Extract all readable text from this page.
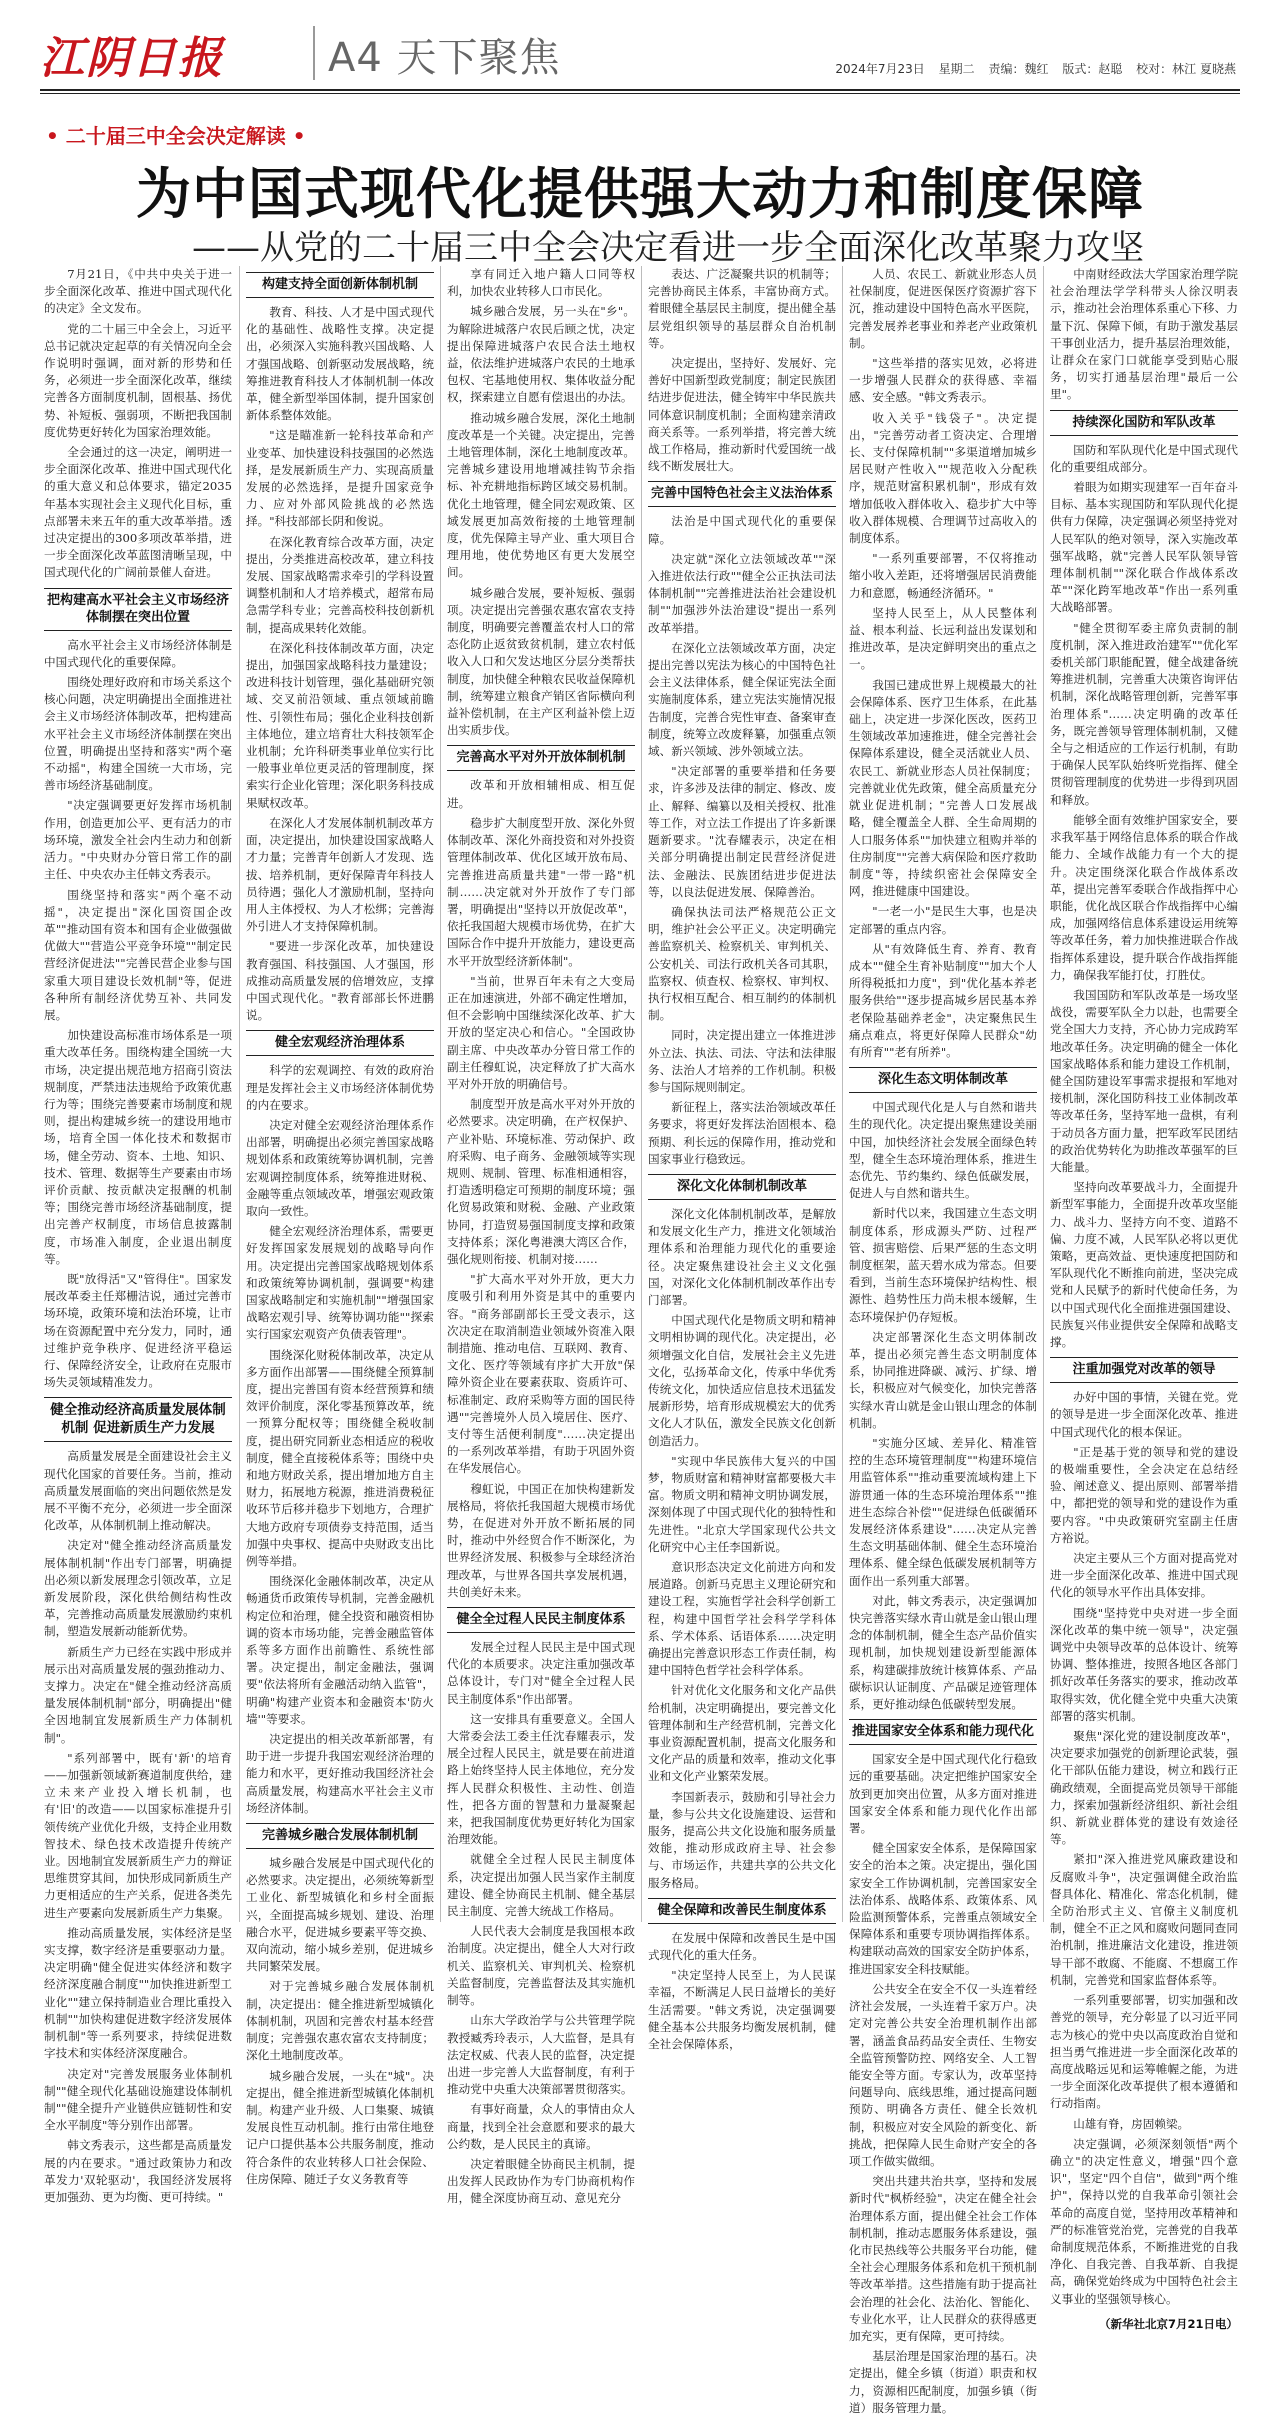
江阴日报	A4 天下聚焦	2024年7月23日 星期二 责编：魏红 版式：赵聪 校对：林江 夏晓燕
• 二十届三中全会决定解读 •
为中国式现代化提供强大动力和制度保障
——从党的二十届三中全会决定看进一步全面深化改革聚力攻坚

7月21日，《中共中央关于进一步全面深化改革、推进中国式现代化的决定》全文发布。

党的二十届三中全会上，习近平总书记就决定起草的有关情况向全会作说明时强调，面对新的形势和任务，必须进一步全面深化改革，继续完善各方面制度机制，固根基、扬优势、补短板、强弱项，不断把我国制度优势更好转化为国家治理效能。

全会通过的这一决定，阐明进一步全面深化改革、推进中国式现代化的重大意义和总体要求，锚定2035年基本实现社会主义现代化目标，重点部署未来五年的重大改革举措。透过决定提出的300多项改革举措，进一步全面深化改革蓝图清晰呈现，中国式现代化的广阔前景催人奋进。

把构建高水平社会主义市场经济体制摆在突出位置

高水平社会主义市场经济体制是中国式现代化的重要保障。

围绕处理好政府和市场关系这个核心问题，决定明确提出全面推进社会主义市场经济体制改革，把构建高水平社会主义市场经济体制摆在突出位置，明确提出坚持和落实"两个毫不动摇"，构建全国统一大市场，完善市场经济基础制度。

"决定强调要更好发挥市场机制作用，创造更加公平、更有活力的市场环境，激发全社会内生动力和创新活力。"中央财办分管日常工作的副主任、中央农办主任韩文秀表示。

围绕坚持和落实"两个毫不动摇"，决定提出"深化国资国企改革""推动国有资本和国有企业做强做优做大""营造公平竞争环境""制定民营经济促进法""完善民营企业参与国家重大项目建设长效机制"等，促进各种所有制经济优势互补、共同发展。

加快建设高标准市场体系是一项重大改革任务。围绕构建全国统一大市场，决定提出规范地方招商引资法规制度，严禁违法违规给予政策优惠行为等；围绕完善要素市场制度和规则，提出构建城乡统一的建设用地市场，培育全国一体化技术和数据市场，健全劳动、资本、土地、知识、技术、管理、数据等生产要素由市场评价贡献、按贡献决定报酬的机制等；围绕完善市场经济基础制度，提出完善产权制度，市场信息披露制度，市场准入制度，企业退出制度等。

既"放得活"又"管得住"。国家发展改革委主任郑栅洁说，通过完善市场环境，政策环境和法治环境，让市场在资源配置中充分发力，同时，通过维护竞争秩序、促进经济平稳运行、保障经济安全，让政府在克服市场失灵领域精准发力。

健全推动经济高质量发展体制机制 促进新质生产力发展

高质量发展是全面建设社会主义现代化国家的首要任务。当前，推动高质量发展面临的突出问题依然是发展不平衡不充分，必须进一步全面深化改革，从体制机制上推动解决。

决定对"健全推动经济高质量发展体制机制"作出专门部署，明确提出必须以新发展理念引领改革，立足新发展阶段，深化供给侧结构性改革，完善推动高质量发展激励约束机制，塑造发展新动能新优势。

新质生产力已经在实践中形成并展示出对高质量发展的强劲推动力、支撑力。决定在"健全推动经济高质量发展体制机制"部分，明确提出"健全因地制宜发展新质生产力体制机制"。

"系列部署中，既有'新'的培育——加强新领域新赛道制度供给，建立未来产业投入增长机制，也有'旧'的改造——以国家标准提升引领传统产业优化升级，支持企业用数智技术、绿色技术改造提升传统产业。因地制宜发展新质生产力的辩证思维贯穿其间，加快形成同新质生产力更相适应的生产关系，促进各类先进生产要素向发展新质生产力集聚。

推动高质量发展，实体经济是坚实支撑，数字经济是重要驱动力量。决定明确"健全促进实体经济和数字经济深度融合制度""加快推进新型工业化""建立保持制造业合理比重投入机制""加快构建促进数字经济发展体制机制"等一系列要求，持续促进数字技术和实体经济深度融合。

决定对"完善发展服务业体制机制""健全现代化基础设施建设体制机制""健全提升产业链供应链韧性和安全水平制度"等分别作出部署。

韩文秀表示，这些都是高质量发展的内在要求。"通过政策协力和改革发力'双轮驱动'，我国经济发展将更加强劲、更为均衡、更可持续。"

构建支持全面创新体制机制

教育、科技、人才是中国式现代化的基础性、战略性支撑。决定提出，必须深入实施科教兴国战略、人才强国战略、创新驱动发展战略，统筹推进教育科技人才体制机制一体改革，健全新型举国体制，提升国家创新体系整体效能。

"这是瞄准新一轮科技革命和产业变革、加快建设科技强国的必然选择，是发展新质生产力、实现高质量发展的必然选择，是提升国家竞争力、应对外部风险挑战的必然选择。"科技部部长阴和俊说。

在深化教育综合改革方面，决定提出，分类推进高校改革，建立科技发展、国家战略需求牵引的学科设置调整机制和人才培养模式，超常布局急需学科专业；完善高校科技创新机制，提高成果转化效能。

在深化科技体制改革方面，决定提出，加强国家战略科技力量建设；改进科技计划管理，强化基础研究领域、交叉前沿领域、重点领域前瞻性、引领性布局；强化企业科技创新主体地位，建立培育壮大科技领军企业机制；允许科研类事业单位实行比一般事业单位更灵活的管理制度，探索实行企业化管理；深化职务科技成果赋权改革。

在深化人才发展体制机制改革方面，决定提出，加快建设国家战略人才力量；完善青年创新人才发现、选拔、培养机制，更好保障青年科技人员待遇；强化人才激励机制，坚持向用人主体授权、为人才松绑；完善海外引进人才支持保障机制。

"要进一步深化改革，加快建设教育强国、科技强国、人才强国，形成推动高质量发展的倍增效应，支撑中国式现代化。"教育部部长怀进鹏说。

健全宏观经济治理体系

科学的宏观调控、有效的政府治理是发挥社会主义市场经济体制优势的内在要求。

决定对健全宏观经济治理体系作出部署，明确提出必须完善国家战略规划体系和政策统筹协调机制，完善宏观调控制度体系，统筹推进财税、金融等重点领域改革，增强宏观政策取向一致性。

健全宏观经济治理体系，需要更好发挥国家发展规划的战略导向作用。决定提出完善国家战略规划体系和政策统筹协调机制，强调要"构建国家战略制定和实施机制""增强国家战略宏观引导、统筹协调功能""探索实行国家宏观资产负债表管理"。

围绕深化财税体制改革，决定从多方面作出部署——围绕健全预算制度，提出完善国有资本经营预算和绩效评价制度，深化零基预算改革，统一预算分配权等；围绕健全税收制度，提出研究同新业态相适应的税收制度，健全直接税体系等；围绕中央和地方财政关系，提出增加地方自主财力，拓展地方税源，推进消费税征收环节后移并稳步下划地方，合理扩大地方政府专项债券支持范围，适当加强中央事权、提高中央财政支出比例等举措。

围绕深化金融体制改革，决定从畅通货币政策传导机制，完善金融机构定位和治理，健全投资和融资相协调的资本市场功能，完善金融监管体系等多方面作出前瞻性、系统性部署。决定提出，制定金融法，强调要"依法将所有金融活动纳入监管"，明确"构建产业资本和金融资本'防火墙'"等要求。

决定提出的相关改革新部署，有助于进一步提升我国宏观经济治理的能力和水平，更好推动我国经济社会高质量发展，构建高水平社会主义市场经济体制。

完善城乡融合发展体制机制

城乡融合发展是中国式现代化的必然要求。决定提出，必须统筹新型工业化、新型城镇化和乡村全面振兴，全面提高城乡规划、建设、治理融合水平，促进城乡要素平等交换、双向流动，缩小城乡差别，促进城乡共同繁荣发展。

对于完善城乡融合发展体制机制，决定提出：健全推进新型城镇化体制机制，巩固和完善农村基本经营制度；完善强农惠农富农支持制度；深化土地制度改革。

城乡融合发展，一头在"城"。决定提出，健全推进新型城镇化体制机制。构建产业升级、人口集聚、城镇发展良性互动机制。推行由常住地登记户口提供基本公共服务制度，推动符合条件的农业转移人口社会保险、住房保障、随迁子女义务教育等

享有同迁入地户籍人口同等权利，加快农业转移人口市民化。

城乡融合发展，另一头在"乡"。为解除进城落户农民后顾之忧，决定提出保障进城落户农民合法土地权益，依法维护进城落户农民的土地承包权、宅基地使用权、集体收益分配权，探索建立自愿有偿退出的办法。

推动城乡融合发展，深化土地制度改革是一个关键。决定提出，完善土地管理体制，深化土地制度改革。完善城乡建设用地增减挂钩节余指标、补充耕地指标跨区域交易机制。优化土地管理，健全同宏观政策、区域发展更加高效衔接的土地管理制度，优先保障主导产业、重大项目合理用地，使优势地区有更大发展空间。

城乡融合发展，要补短板、强弱项。决定提出完善强农惠农富农支持制度，明确要完善覆盖农村人口的常态化防止返贫致贫机制，建立农村低收入人口和欠发达地区分层分类帮扶制度，加快健全种粮农民收益保障机制，统筹建立粮食产销区省际横向利益补偿机制，在主产区利益补偿上迈出实质步伐。

完善高水平对外开放体制机制

改革和开放相辅相成、相互促进。

稳步扩大制度型开放、深化外贸体制改革、深化外商投资和对外投资管理体制改革、优化区域开放布局、完善推进高质量共建"一带一路"机制……决定就对外开放作了专门部署，明确提出"坚持以开放促改革"，依托我国超大规模市场优势，在扩大国际合作中提升开放能力，建设更高水平开放型经济新体制"。

"当前，世界百年未有之大变局正在加速演进，外部不确定性增加，但不会影响中国继续深化改革、扩大开放的坚定决心和信心。"全国政协副主席、中央改革办分管日常工作的副主任穆虹说，决定释放了扩大高水平对外开放的明确信号。

制度型开放是高水平对外开放的必然要求。决定明确，在产权保护、产业补贴、环境标准、劳动保护、政府采购、电子商务、金融领域等实现规则、规制、管理、标准相通相容，打造透明稳定可预期的制度环境；强化贸易政策和财税、金融、产业政策协同，打造贸易强国制度支撑和政策支持体系；深化粤港澳大湾区合作，强化规则衔接、机制对接……

"扩大高水平对外开放，更大力度吸引和利用外资是其中的重要内容。"商务部副部长王受文表示，这次决定在取消制造业领域外资准入限制措施、推动电信、互联网、教育、文化、医疗等领域有序扩大开放"保障外资企业在要素获取、资质许可、标准制定、政府采购等方面的国民待遇""完善境外人员入境居住、医疗、支付等生活便利制度"……决定提出的一系列改革举措，有助于巩固外资在华发展信心。

穆虹说，中国正在加快构建新发展格局，将依托我国超大规模市场优势，在促进对外开放不断拓展的同时，推动中外经贸合作不断深化，为世界经济发展、积极参与全球经济治理改革，与世界各国共享发展机遇，共创美好未来。

健全全过程人民民主制度体系

发展全过程人民民主是中国式现代化的本质要求。决定注重加强改革总体设计，专门对"健全全过程人民民主制度体系"作出部署。

这一安排具有重要意义。全国人大常委会法工委主任沈春耀表示，发展全过程人民民主，就是要在前进道路上始终坚持人民主体地位，充分发挥人民群众积极性、主动性、创造性，把各方面的智慧和力量凝聚起来，把我国制度优势更好转化为国家治理效能。

就健全全过程人民民主制度体系，决定提出加强人民当家作主制度建设、健全协商民主机制、健全基层民主制度、完善大统战工作格局。

人民代表大会制度是我国根本政治制度。决定提出，健全人大对行政机关、监察机关、审判机关、检察机关监督制度，完善监督法及其实施机制等。

山东大学政治学与公共管理学院教授臧秀玲表示，人大监督，是具有法定权威、代表人民的监督，决定提出进一步完善人大监督制度，有利于推动党中央重大决策部署贯彻落实。

有事好商量，众人的事情由众人商量，找到全社会意愿和要求的最大公约数，是人民民主的真谛。

决定着眼健全协商民主机制，提出发挥人民政协作为专门协商机构作用，健全深度协商互动、意见充分

表达、广泛凝聚共识的机制等；完善协商民主体系，丰富协商方式。着眼健全基层民主制度，提出健全基层党组织领导的基层群众自治机制等。

决定提出，坚持好、发展好、完善好中国新型政党制度；制定民族团结进步促进法，健全铸牢中华民族共同体意识制度机制；全面构建亲清政商关系等。一系列举措，将完善大统战工作格局，推动新时代爱国统一战线不断发展壮大。

完善中国特色社会主义法治体系

法治是中国式现代化的重要保障。

决定就"深化立法领域改革""深入推进依法行政""健全公正执法司法体制机制""完善推进法治社会建设机制""加强涉外法治建设"提出一系列改革举措。

在深化立法领域改革方面，决定提出完善以宪法为核心的中国特色社会主义法律体系，健全保证宪法全面实施制度体系，建立宪法实施情况报告制度，完善合宪性审查、备案审查制度，统筹立改废释纂，加强重点领域、新兴领域、涉外领域立法。

"决定部署的重要举措和任务要求，许多涉及法律的制定、修改、废止、解释、编纂以及相关授权、批准等工作，对立法工作提出了许多新课题新要求。"沈春耀表示，决定在相关部分明确提出制定民营经济促进法、金融法、民族团结进步促进法等，以良法促进发展、保障善治。

确保执法司法严格规范公正文明，维护社会公平正义。决定明确完善监察机关、检察机关、审判机关、公安机关、司法行政机关各司其职，监察权、侦查权、检察权、审判权、执行权相互配合、相互制约的体制机制。

同时，决定提出建立一体推进涉外立法、执法、司法、守法和法律服务、法治人才培养的工作机制。积极参与国际规则制定。

新征程上，落实法治领域改革任务要求，将更好发挥法治固根本、稳预期、利长远的保障作用，推动党和国家事业行稳致远。

深化文化体制机制改革

深化文化体制机制改革，是解放和发展文化生产力，推进文化领域治理体系和治理能力现代化的重要途径。决定聚焦建设社会主义文化强国，对深化文化体制机制改革作出专门部署。

中国式现代化是物质文明和精神文明相协调的现代化。决定提出，必须增强文化自信，发展社会主义先进文化，弘扬革命文化，传承中华优秀传统文化，加快适应信息技术迅猛发展新形势，培育形成规模宏大的优秀文化人才队伍，激发全民族文化创新创造活力。

"实现中华民族伟大复兴的中国梦，物质财富和精神财富都要极大丰富。物质文明和精神文明协调发展，深刻体现了中国式现代化的独特性和先进性。"北京大学国家现代公共文化研究中心主任李国新说。

意识形态决定文化前进方向和发展道路。创新马克思主义理论研究和建设工程，实施哲学社会科学创新工程，构建中国哲学社会科学学科体系、学术体系、话语体系……决定明确提出完善意识形态工作责任制，构建中国特色哲学社会科学体系。

针对优化文化服务和文化产品供给机制，决定明确提出，要完善文化管理体制和生产经营机制，完善文化事业资源配置机制，提高文化服务和文化产品的质量和效率，推动文化事业和文化产业繁荣发展。

李国新表示，鼓励和引导社会力量，参与公共文化设施建设、运营和服务，提高公共文化设施和服务质量效能，推动形成政府主导、社会参与、市场运作，共建共享的公共文化服务格局。

健全保障和改善民生制度体系

在发展中保障和改善民生是中国式现代化的重大任务。

"决定坚持人民至上，为人民谋幸福，不断满足人民日益增长的美好生活需要。"韩文秀说，决定强调要健全基本公共服务均衡发展机制，健全社会保障体系，

人员、农民工、新就业形态人员社保制度，促进医保医疗资源扩容下沉，推动建设中国特色高水平医院，完善发展养老事业和养老产业政策机制。

"这些举措的落实见效，必将进一步增强人民群众的获得感、幸福感、安全感。"韩文秀表示。

收入关乎"钱袋子"。决定提出，"完善劳动者工资决定、合理增长、支付保障机制""多渠道增加城乡居民财产性收入""规范收入分配秩序，规范财富积累机制"，形成有效增加低收入群体收入、稳步扩大中等收入群体规模、合理调节过高收入的制度体系。

"一系列重要部署，不仅将推动缩小收入差距，还将增强居民消费能力和意愿，畅通经济循环。"

坚持人民至上，从人民整体利益、根本利益、长远利益出发谋划和推进改革，是决定鲜明突出的重点之一。

我国已建成世界上规模最大的社会保障体系、医疗卫生体系，在此基础上，决定进一步深化医改，医药卫生领域改革加速推进，健全完善社会保障体系建设，健全灵活就业人员、农民工、新就业形态人员社保制度；完善就业优先政策，健全高质量充分就业促进机制；"完善人口发展战略，健全覆盖全人群、全生命周期的人口服务体系""加快建立租购并举的住房制度""完善大病保险和医疗救助制度"等，持续织密社会保障安全网，推进健康中国建设。

"一老一小"是民生大事，也是决定部署的重点内容。

从"有效降低生育、养育、教育成本""健全生育补贴制度""加大个人所得税抵扣力度"，到"优化基本养老服务供给""逐步提高城乡居民基本养老保险基础养老金"，决定聚焦民生痛点难点，将更好保障人民群众"幼有所育""老有所养"。

深化生态文明体制改革

中国式现代化是人与自然和谐共生的现代化。决定提出聚焦建设美丽中国，加快经济社会发展全面绿色转型，健全生态环境治理体系，推进生态优先、节约集约、绿色低碳发展，促进人与自然和谐共生。

新时代以来，我国建立生态文明制度体系，形成源头严防、过程严管、损害赔偿、后果严惩的生态文明制度框架，蓝天碧水成为常态。但要看到，当前生态环境保护结构性、根源性、趋势性压力尚未根本缓解，生态环境保护仍存短板。

决定部署深化生态文明体制改革，提出必须完善生态文明制度体系，协同推进降碳、减污、扩绿、增长，积极应对气候变化，加快完善落实绿水青山就是金山银山理念的体制机制。

"实施分区域、差异化、精准管控的生态环境管理制度""构建环境信用监管体系""推动重要流域构建上下游贯通一体的生态环境治理体系""推进生态综合补偿""促进绿色低碳循环发展经济体系建设"……决定从完善生态文明基础体制、健全生态环境治理体系、健全绿色低碳发展机制等方面作出一系列重大部署。

对此，韩文秀表示，决定强调加快完善落实绿水青山就是金山银山理念的体制机制，健全生态产品价值实现机制，加快规划建设新型能源体系，构建碳排放统计核算体系、产品碳标识认证制度、产品碳足迹管理体系，更好推动绿色低碳转型发展。

推进国家安全体系和能力现代化

国家安全是中国式现代化行稳致远的重要基础。决定把维护国家安全放到更加突出位置，从多方面对推进国家安全体系和能力现代化作出部署。

健全国家安全体系，是保障国家安全的治本之策。决定提出，强化国家安全工作协调机制，完善国家安全法治体系、战略体系、政策体系、风险监测预警体系，完善重点领域安全保障体系和重要专项协调指挥体系。构建联动高效的国家安全防护体系，推进国家安全科技赋能。

公共安全在安全不仅一头连着经济社会发展，一头连着千家万户。决定对完善公共安全治理机制作出部署，涵盖食品药品安全责任、生物安全监管预警防控、网络安全、人工智能安全等方面。专家认为，改革坚持问题导向、底线思维，通过提高问题预防、明确各方责任、健全长效机制，积极应对安全风险的新变化、新挑战，把保障人民生命财产安全的各项工作做实做细。

突出共建共治共享，坚持和发展新时代"枫桥经验"，决定在健全社会治理体系方面，提出健全社会工作体制机制，推动志愿服务体系建设，强化市民热线等公共服务平台功能，健全社会心理服务体系和危机干预机制等改革举措。这些措施有助于提高社会治理的社会化、法治化、智能化、专业化水平，让人民群众的获得感更加充实，更有保障，更可持续。

基层治理是国家治理的基石。决定提出，健全乡镇（街道）职责和权力，资源相匹配制度，加强乡镇（街道）服务管理力量。

中南财经政法大学国家治理学院社会治理法学学科带头人徐汉明表示，推动社会治理体系重心下移、力量下沉、保障下倾，有助于激发基层干事创业活力，提升基层治理效能，让群众在家门口就能享受到贴心服务，切实打通基层治理"最后一公里"。

持续深化国防和军队改革

国防和军队现代化是中国式现代化的重要组成部分。

着眼为如期实现建军一百年奋斗目标、基本实现国防和军队现代化提供有力保障，决定强调必须坚持党对人民军队的绝对领导，深入实施改革强军战略，就"完善人民军队领导管理体制机制""深化联合作战体系改革""深化跨军地改革"作出一系列重大战略部署。

"健全贯彻军委主席负责制的制度机制，深入推进政治建军""优化军委机关部门职能配置，健全战建备统筹推进机制，完善重大决策咨询评估机制，深化战略管理创新，完善军事治理体系"……决定明确的改革任务，既完善领导管理体制机制，又健全与之相适应的工作运行机制，有助于确保人民军队始终听党指挥、健全贯彻管理制度的优势进一步得到巩固和释放。

能够全面有效维护国家安全，要求我军基于网络信息体系的联合作战能力、全域作战能力有一个大的提升。决定围绕深化联合作战体系改革，提出完善军委联合作战指挥中心职能，优化战区联合作战指挥中心编成，加强网络信息体系建设运用统筹等改革任务，着力加快推进联合作战指挥体系建设，提升联合作战指挥能力，确保我军能打仗，打胜仗。

我国国防和军队改革是一场攻坚战役，需要军队全力以赴，也需要全党全国大力支持，齐心协力完成跨军地改革任务。决定明确的健全一体化国家战略体系和能力建设工作机制，健全国防建设军事需求提报和军地对接机制，深化国防科技工业体制改革等改革任务，坚持军地一盘棋，有利于动员各方面力量，把军政军民团结的政治优势转化为助推改革强军的巨大能量。

坚持向改革要战斗力，全面提升新型军事能力，全面提升改革攻坚能力、战斗力、坚持方向不变、道路不偏、力度不减，人民军队必将以更优策略，更高效益、更快速度把国防和军队现代化不断推向前进，坚决完成党和人民赋予的新时代使命任务，为以中国式现代化全面推进强国建设、民族复兴伟业提供安全保障和战略支撑。

注重加强党对改革的领导

办好中国的事情，关键在党。党的领导是进一步全面深化改革、推进中国式现代化的根本保证。

"正是基于党的领导和党的建设的极端重要性，全会决定在总结经验、阐述意义、提出原则、部署举措中，都把党的领导和党的建设作为重要内容。"中央政策研究室副主任唐方裕说。

决定主要从三个方面对提高党对进一步全面深化改革、推进中国式现代化的领导水平作出具体安排。

围绕"坚持党中央对进一步全面深化改革的集中统一领导"，决定强调党中央领导改革的总体设计、统筹协调、整体推进，按照各地区各部门抓好改革任务落实的要求，推动改革取得实效，优化健全党中央重大决策部署的落实机制。

聚焦"深化党的建设制度改革"，决定要求加强党的创新理论武装，强化干部队伍能力建设，树立和践行正确政绩观，全面提高党员领导干部能力，探索加强新经济组织、新社会组织、新就业群体党的建设有效途径等。

紧扣"深入推进党风廉政建设和反腐败斗争"，决定强调健全政治监督具体化、精准化、常态化机制，健全防治形式主义、官僚主义制度机制，健全不正之风和腐败问题同查同治机制，推进廉洁文化建设，推进领导干部不敢腐、不能腐、不想腐工作机制，完善党和国家监督体系等。

一系列重要部署，切实加强和改善党的领导，充分彰显了以习近平同志为核心的党中央以高度政治自觉和担当勇气推进进一步全面深化改革的高度战略远见和运筹帷幄之能，为进一步全面深化改革提供了根本遵循和行动指南。

山雄有脊，房固赖梁。

决定强调，必须深刻领悟"两个确立"的决定性意义，增强"四个意识"，坚定"四个自信"，做到"两个维护"，保持以党的自我革命引领社会革命的高度自觉，坚持用改革精神和严的标准管党治党，完善党的自我革命制度规范体系，不断推进党的自我净化、自我完善、自我革新、自我提高，确保党始终成为中国特色社会主义事业的坚强领导核心。

（新华社北京7月21日电）
